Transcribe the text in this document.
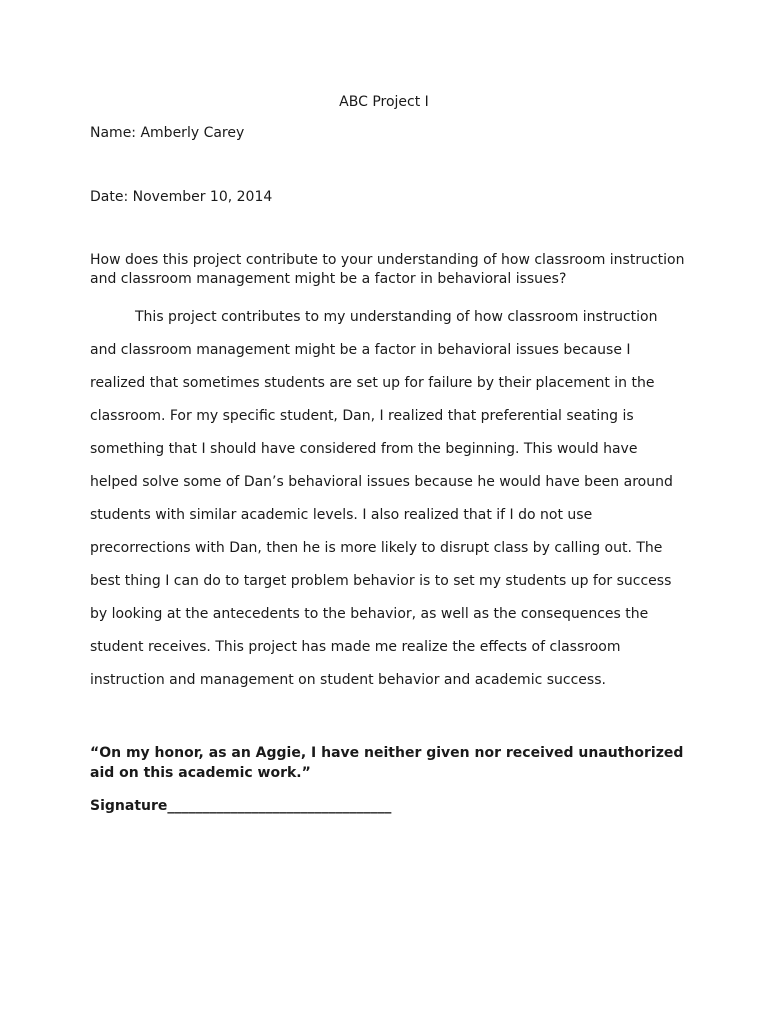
ABC Project I
Name: Amberly Carey
Date: November 10, 2014
How does this project contribute to your understanding of how classroom instruction
and classroom management might be a factor in behavioral issues?
This project contributes to my understanding of how classroom instruction
and classroom management might be a factor in behavioral issues because I
realized that sometimes students are set up for failure by their placement in the
classroom. For my specific student, Dan, I realized that preferential seating is
something that I should have considered from the beginning. This would have
helped solve some of Dan’s behavioral issues because he would have been around
students with similar academic levels. I also realized that if I do not use
precorrections with Dan, then he is more likely to disrupt class by calling out. The
best thing I can do to target problem behavior is to set my students up for success
by looking at the antecedents to the behavior, as well as the consequences the
student receives. This project has made me realize the effects of classroom
instruction and management on student behavior and academic success.
“On my honor, as an Aggie, I have neither given nor received unauthorized
aid on this academic work.”
Signature________________________________
